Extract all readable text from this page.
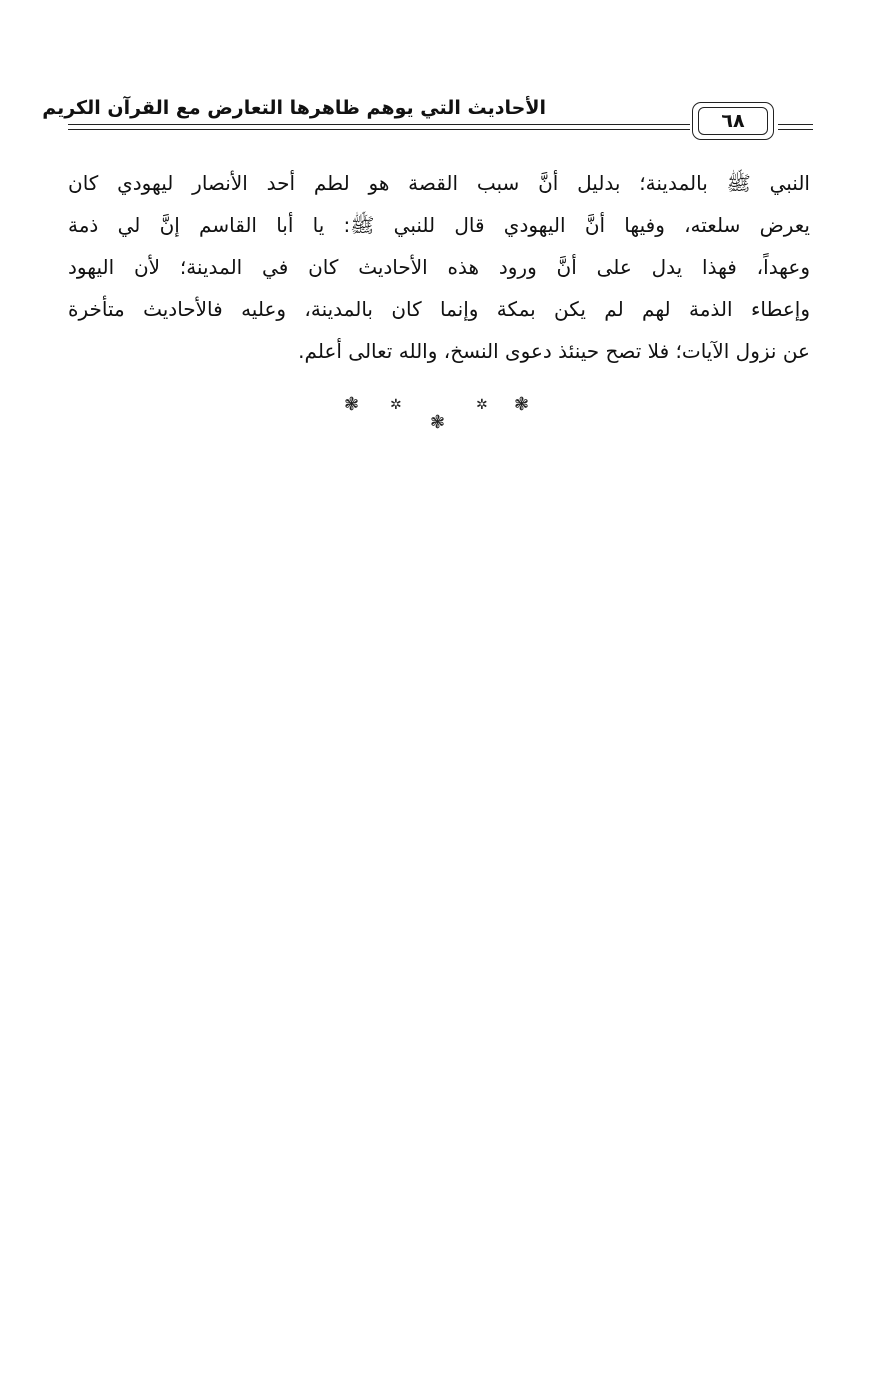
الأحاديث التي يوهم ظاهرها التعارض مع القرآن الكريم
٦٨
النبي ﷺ بالمدينة؛ بدليل أنَّ سبب القصة هو لطم أحد الأنصار ليهودي كان
يعرض سلعته، وفيها أنَّ اليهودي قال للنبي ﷺ: يا أبا القاسم إنَّ لي ذمة
وعهداً، فهذا يدل على أنَّ ورود هذه الأحاديث كان في المدينة؛ لأن اليهود
وإعطاء الذمة لهم لم يكن بمكة وإنما كان بالمدينة، وعليه فالأحاديث متأخرة
عن نزول الآيات؛ فلا تصح حينئذ دعوى النسخ، والله تعالى أعلم.
❃ ✲
❃
✲ ❃
